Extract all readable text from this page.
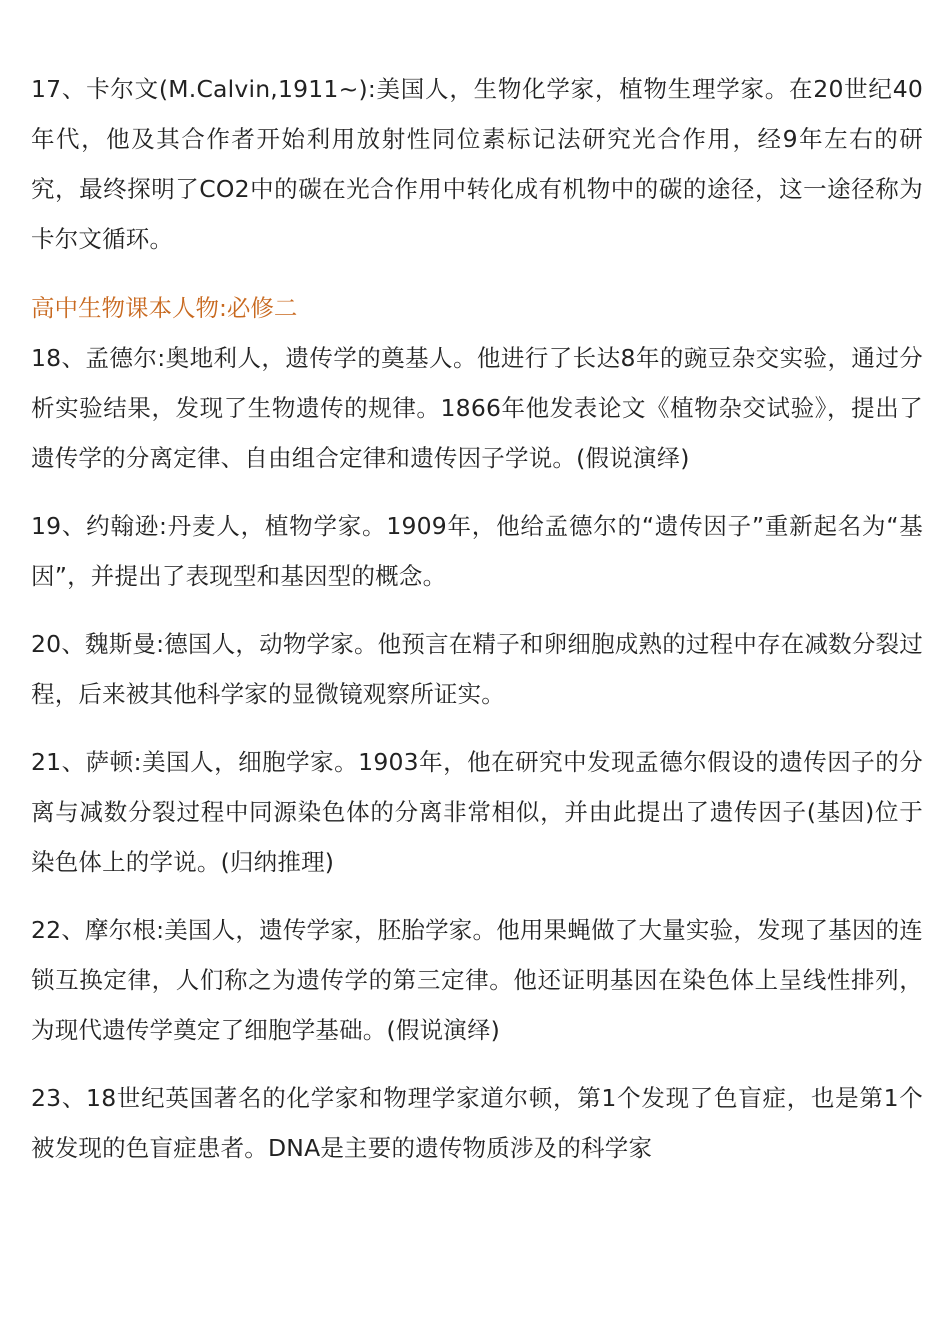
17、卡尔文(M.Calvin,1911~):美国人，生物化学家，植物生理学家。在20世纪40年代，他及其合作者开始利用放射性同位素标记法研究光合作用，经9年左右的研究，最终探明了CO2中的碳在光合作用中转化成有机物中的碳的途径，这一途径称为卡尔文循环。

高中生物课本人物:必修二

18、孟德尔:奥地利人，遗传学的奠基人。他进行了长达8年的豌豆杂交实验，通过分析实验结果，发现了生物遗传的规律。1866年他发表论文《植物杂交试验》，提出了遗传学的分离定律、自由组合定律和遗传因子学说。(假说演绎)

19、约翰逊:丹麦人，植物学家。1909年，他给孟德尔的“遗传因子”重新起名为“基因”，并提出了表现型和基因型的概念。

20、魏斯曼:德国人，动物学家。他预言在精子和卵细胞成熟的过程中存在减数分裂过程，后来被其他科学家的显微镜观察所证实。

21、萨顿:美国人，细胞学家。1903年，他在研究中发现孟德尔假设的遗传因子的分离与减数分裂过程中同源染色体的分离非常相似，并由此提出了遗传因子(基因)位于染色体上的学说。(归纳推理)

22、摩尔根:美国人，遗传学家，胚胎学家。他用果蝇做了大量实验，发现了基因的连锁互换定律，人们称之为遗传学的第三定律。他还证明基因在染色体上呈线性排列，为现代遗传学奠定了细胞学基础。(假说演绎)

23、18世纪英国著名的化学家和物理学家道尔顿，第1个发现了色盲症，也是第1个被发现的色盲症患者。DNA是主要的遗传物质涉及的科学家
